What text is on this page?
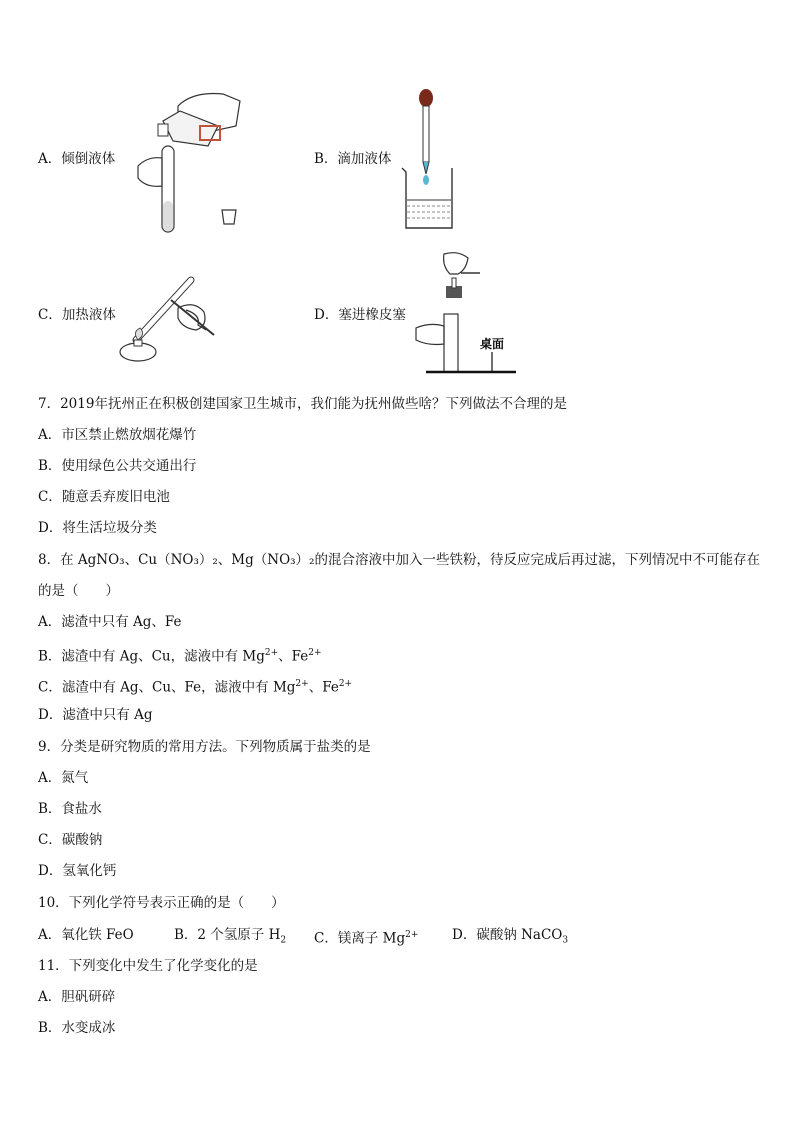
A．倾倒液体	B．滴加液体
C．加热液体	D．塞进橡皮塞
桌面
7．2019年抚州正在积极创建国家卫生城市，我们能为抚州做些啥？下列做法不合理的是
A．市区禁止燃放烟花爆竹
B．使用绿色公共交通出行
C．随意丢弃废旧电池
D．将生活垃圾分类
8．在 AgNO₃、Cu（NO₃）₂、Mg（NO₃）₂的混合溶液中加入一些铁粉，待反应完成后再过滤，下列情况中不可能存在
的是（　　）
A．滤渣中只有 Ag、Fe
B．滤渣中有 Ag、Cu，滤液中有 $Mg^{2+}$、$Fe^{2+}$
C．滤渣中有 Ag、Cu、Fe，滤液中有 $Mg^{2+}$、$Fe^{2+}$
D．滤渣中只有 Ag
9．分类是研究物质的常用方法。下列物质属于盐类的是
A．氮气
B．食盐水
C．碳酸钠
D．氢氧化钙
10．下列化学符号表示正确的是（　　）
A．氧化铁 FeO	B．2 个氢原子 $H_2$ C．镁离子 $Mg^{2+}$ D．碳酸钠 NaCO$_3$
11．下列变化中发生了化学变化的是
A．胆矾研碎
B．水变成冰
